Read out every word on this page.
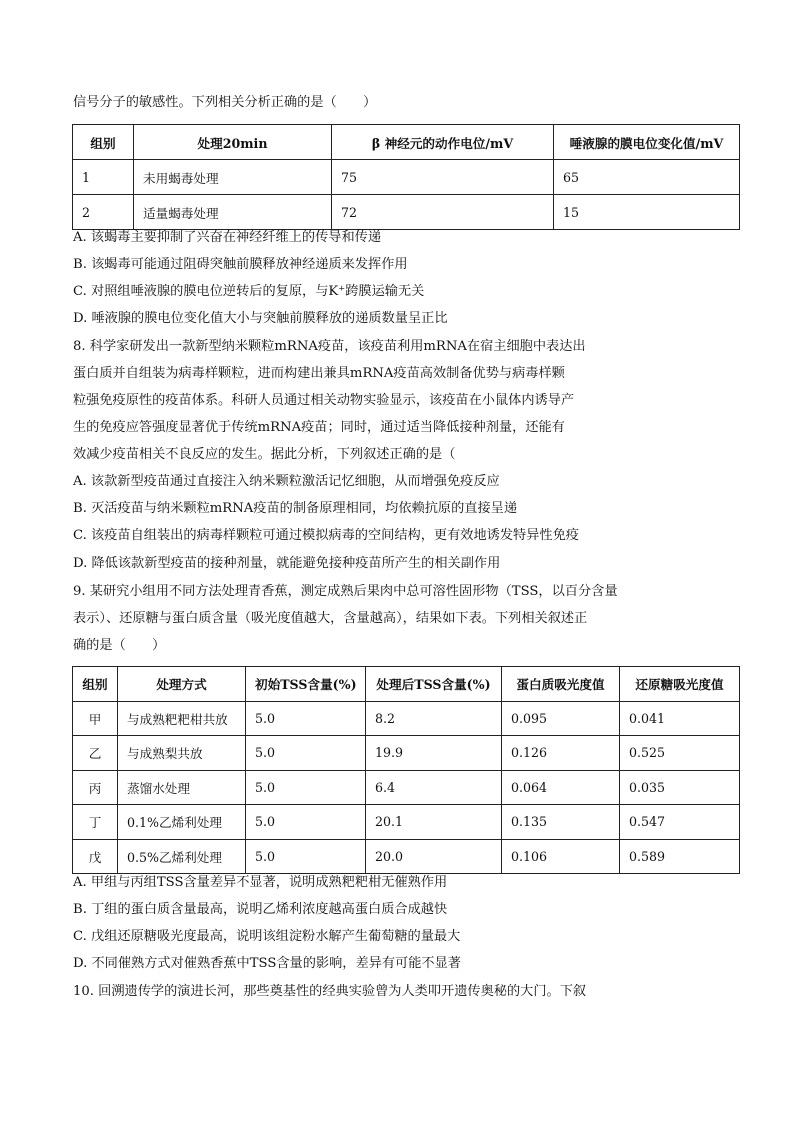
信号分子的敏感性。下列相关分析正确的是（　　）
组别	处理20min	β 神经元的动作电位/mV	唾液腺的膜电位变化值/mV
1	未用蝎毒处理	75	65
2	适量蝎毒处理	72	15
A. 该蝎毒主要抑制了兴奋在神经纤维上的传导和传递
B. 该蝎毒可能通过阻碍突触前膜释放神经递质来发挥作用
C. 对照组唾液腺的膜电位逆转后的复原，与K⁺跨膜运输无关
D. 唾液腺的膜电位变化值大小与突触前膜释放的递质数量呈正比
8. 科学家研发出一款新型纳米颗粒mRNA疫苗，该疫苗利用mRNA在宿主细胞中表达出
蛋白质并自组装为病毒样颗粒，进而构建出兼具mRNA疫苗高效制备优势与病毒样颗
粒强免疫原性的疫苗体系。科研人员通过相关动物实验显示，该疫苗在小鼠体内诱导产
生的免疫应答强度显著优于传统mRNA疫苗；同时，通过适当降低接种剂量，还能有
效减少疫苗相关不良反应的发生。据此分析，下列叙述正确的是（
A. 该款新型疫苗通过直接注入纳米颗粒激活记忆细胞，从而增强免疫反应
B. 灭活疫苗与纳米颗粒mRNA疫苗的制备原理相同，均依赖抗原的直接呈递
C. 该疫苗自组装出的病毒样颗粒可通过模拟病毒的空间结构，更有效地诱发特异性免疫
D. 降低该款新型疫苗的接种剂量，就能避免接种疫苗所产生的相关副作用
9. 某研究小组用不同方法处理青香蕉，测定成熟后果肉中总可溶性固形物（TSS，以百分含量
表示）、还原糖与蛋白质含量（吸光度值越大，含量越高），结果如下表。下列相关叙述正
确的是（　　）
组别	处理方式	初始TSS含量(%)	处理后TSS含量(%)	蛋白质吸光度值	还原糖吸光度值
甲	与成熟粑粑柑共放	5.0	8.2	0.095	0.041
乙	与成熟梨共放	5.0	19.9	0.126	0.525
丙	蒸馏水处理	5.0	6.4	0.064	0.035
丁	0.1%乙烯利处理	5.0	20.1	0.135	0.547
戊	0.5%乙烯利处理	5.0	20.0	0.106	0.589
A. 甲组与丙组TSS含量差异不显著，说明成熟粑粑柑无催熟作用
B. 丁组的蛋白质含量最高，说明乙烯利浓度越高蛋白质合成越快
C. 戊组还原糖吸光度最高，说明该组淀粉水解产生葡萄糖的量最大
D. 不同催熟方式对催熟香蕉中TSS含量的影响，差异有可能不显著
10. 回溯遗传学的演进长河，那些奠基性的经典实验曾为人类叩开遗传奥秘的大门。下叙
